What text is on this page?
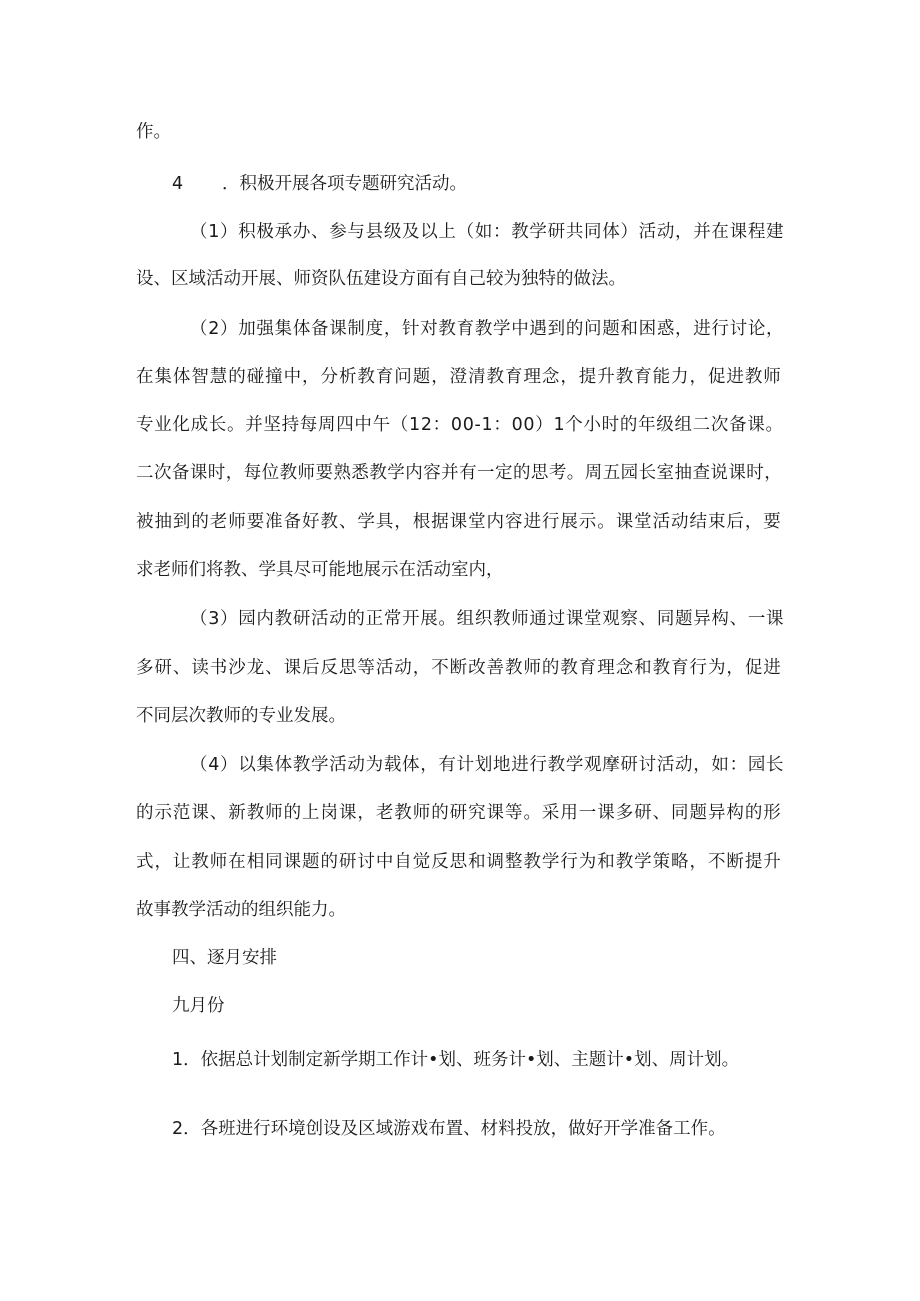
作。
4 ．积极开展各项专题研究活动。
（1）积极承办、参与县级及以上（如：教学研共同体）活动，并在课程建
设、区域活动开展、师资队伍建设方面有自己较为独特的做法。
（2）加强集体备课制度，针对教育教学中遇到的问题和困惑，进行讨论，
在集体智慧的碰撞中，分析教育问题，澄清教育理念，提升教育能力，促进教师
专业化成长。并坚持每周四中午（12：00-1：00）1个小时的年级组二次备课。
二次备课时，每位教师要熟悉教学内容并有一定的思考。周五园长室抽查说课时，
被抽到的老师要准备好教、学具，根据课堂内容进行展示。课堂活动结束后，要
求老师们将教、学具尽可能地展示在活动室内，
（3）园内教研活动的正常开展。组织教师通过课堂观察、同题异构、一课
多研、读书沙龙、课后反思等活动，不断改善教师的教育理念和教育行为，促进
不同层次教师的专业发展。
（4）以集体教学活动为载体，有计划地进行教学观摩研讨活动，如：园长
的示范课、新教师的上岗课，老教师的研究课等。采用一课多研、同题异构的形
式，让教师在相同课题的研讨中自觉反思和调整教学行为和教学策略，不断提升
故事教学活动的组织能力。
四、逐月安排
九月份
1．依据总计划制定新学期工作计•划、班务计•划、主题计•划、周计划。
2．各班进行环境创设及区域游戏布置、材料投放，做好开学准备工作。
